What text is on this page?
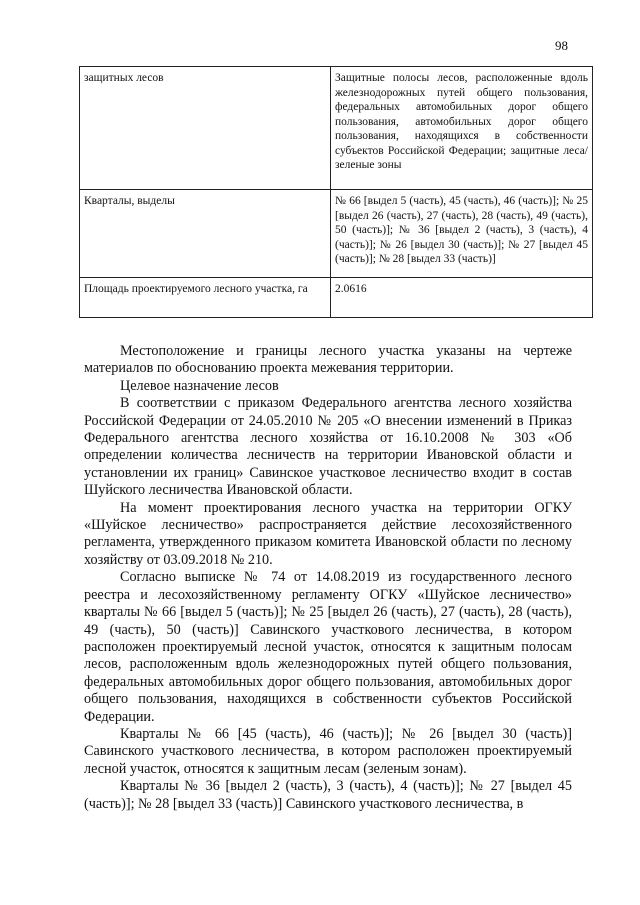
98
защитных лесов	Защитные полосы лесов, расположенные вдоль железнодорожных путей общего пользования, федеральных автомобильных дорог общего пользования, автомобильных дорог общего пользования, находящихся в собственности субъектов Российской Федерации; защитные леса/зеленые зоны
Кварталы, выделы	№ 66 [выдел 5 (часть), 45 (часть), 46 (часть)]; № 25 [выдел 26 (часть), 27 (часть), 28 (часть), 49 (часть), 50 (часть)]; № 36 [выдел 2 (часть), 3 (часть), 4 (часть)]; № 26 [выдел 30 (часть)]; № 27 [выдел 45 (часть)]; № 28 [выдел 33 (часть)]
Площадь проектируемого лесного участка, га	2.0616

Местоположение и границы лесного участка указаны на чертеже материалов по обоснованию проекта межевания территории.

Целевое назначение лесов

В соответствии с приказом Федерального агентства лесного хозяйства Российской Федерации от 24.05.2010 № 205 «О внесении изменений в Приказ Федерального агентства лесного хозяйства от 16.10.2008 № 303 «Об определении количества лесничеств на территории Ивановской области и установлении их границ» Савинское участковое лесничество входит в состав Шуйского лесничества Ивановской области.

На момент проектирования лесного участка на территории ОГКУ «Шуйское лесничество» распространяется действие лесохозяйственного регламента, утвержденного приказом комитета Ивановской области по лесному хозяйству от 03.09.2018 № 210.

Согласно выписке № 74 от 14.08.2019 из государственного лесного реестра и лесохозяйственному регламенту ОГКУ «Шуйское лесничество» кварталы № 66 [выдел 5 (часть)]; № 25 [выдел 26 (часть), 27 (часть), 28 (часть), 49 (часть), 50 (часть)] Савинского участкового лесничества, в котором расположен проектируемый лесной участок, относятся к защитным полосам лесов, расположенным вдоль железнодорожных путей общего пользования, федеральных автомобильных дорог общего пользования, автомобильных дорог общего пользования, находящихся в собственности субъектов Российской Федерации.

Кварталы № 66 [45 (часть), 46 (часть)]; № 26 [выдел 30 (часть)] Савинского участкового лесничества, в котором расположен проектируемый лесной участок, относятся к защитным лесам (зеленым зонам).

Кварталы № 36 [выдел 2 (часть), 3 (часть), 4 (часть)]; № 27 [выдел 45 (часть)]; № 28 [выдел 33 (часть)] Савинского участкового лесничества, в
